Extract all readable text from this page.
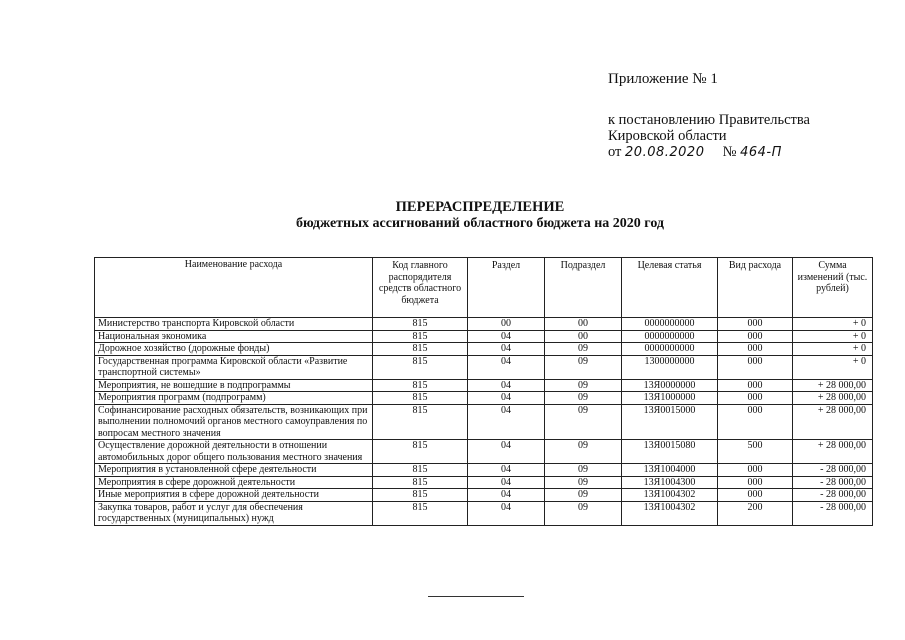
Приложение № 1
к постановлению Правительства
Кировской области
от 20.08.2020 № 464-П
ПЕРЕРАСПРЕДЕЛЕНИЕ
бюджетных ассигнований областного бюджета на 2020 год
Наименование расхода	Код главного распорядителя средств областного бюджета	Раздел	Подраздел	Целевая статья	Вид расхода	Сумма изменений (тыс. рублей)
Министерство транспорта Кировской области	815	00	00	0000000000	000	+ 0
Национальная экономика	815	04	00	0000000000	000	+ 0
Дорожное хозяйство (дорожные фонды)	815	04	09	0000000000	000	+ 0
Государственная программа Кировской области «Развитие транспортной системы»	815	04	09	1300000000	000	+ 0
Мероприятия, не вошедшие в подпрограммы	815	04	09	13Я0000000	000	+ 28 000,00
Мероприятия программ (подпрограмм)	815	04	09	13Я1000000	000	+ 28 000,00
Софинансирование расходных обязательств, возникающих при выполнении полномочий органов местного самоуправления по вопросам местного значения	815	04	09	13Я0015000	000	+ 28 000,00
Осуществление дорожной деятельности в отношении автомобильных дорог общего пользования местного значения	815	04	09	13Я0015080	500	+ 28 000,00
Мероприятия в установленной сфере деятельности	815	04	09	13Я1004000	000	- 28 000,00
Мероприятия в сфере дорожной деятельности	815	04	09	13Я1004300	000	- 28 000,00
Иные мероприятия в сфере дорожной деятельности	815	04	09	13Я1004302	000	- 28 000,00
Закупка товаров, работ и услуг для обеспечения государственных (муниципальных) нужд	815	04	09	13Я1004302	200	- 28 000,00
